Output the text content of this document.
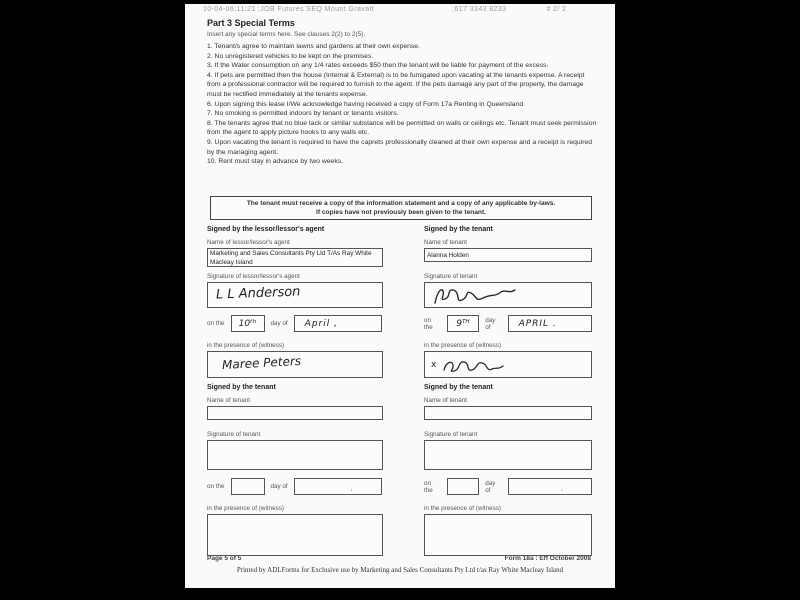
10-04-06;11:21 ;JOB Futures SEQ Mount Gravatt	;617 3343 8233	# 2/ 2
Part 3 Special Terms
Insert any special terms here. See clauses 2(2) to 2(5).
1. Tenant/s agree to maintain lawns and gardens at their own expense.
2. No unregistered vehicles to be kept on the premises.
3. If the Water consumption on any 1/4 rates exceeds $50 then the tenant will be liable for payment of the excess.
4. If pets are permitted then the house (Internal & External) is to be fumigated upon vacating at the tenants expense. A receipt from a professional contractor will be required to furnish to the agent. If the pets damage any part of the property, the damage must be rectified immediately at the tenants expense.
6. Upon signing this lease I/We acknowledge having received a copy of Form 17a Renting in Queensland
7. No smoking is permitted indoors by tenant or tenants visitors.
8. The tenants agree that no blue tack or similar substance will be permitted on walls or ceilings etc. Tenant must seek permission from the agent to apply picture hooks to any walls etc.
9. Upon vacating the tenant is required to have the caprets professionally cleaned at their own expense and a receipt is required by the managing agent.
10. Rent must stay in advance by two weeks.
The tenant must receive a copy of the information statement and a copy of any applicable by-laws.
If copies have not previously been given to the tenant.
Signed by the lessor/lessor's agent
Name of lessor/lessor's agent
Marketing and Sales Consultants Pty Ltd T/As Ray White Macleay Island
Signature of lessor/lessor's agent
L L Anderson
on the 10ᵗʰ day of April ,
in the presence of (witness)
Maree Peters
Signed by the tenant
Name of tenant
Alanna Holden
Signature of tenant
on the	9ᵀᴴ day of	APRIL .
in the presence of (witness)
x
Signed by the tenant
Name of tenant
Signature of tenant
on the	day of	,
in the presence of (witness)
Signed by the tenant
Name of tenant
Signature of tenant
on the
day of	,
in the presence of (witness)
Page 5 of 5	Form 18a : Eff October 2008
Printed by ADLForms for Exclusive use by Marketing and Sales Consultants Pty Ltd t/as Ray White Macleay Island
